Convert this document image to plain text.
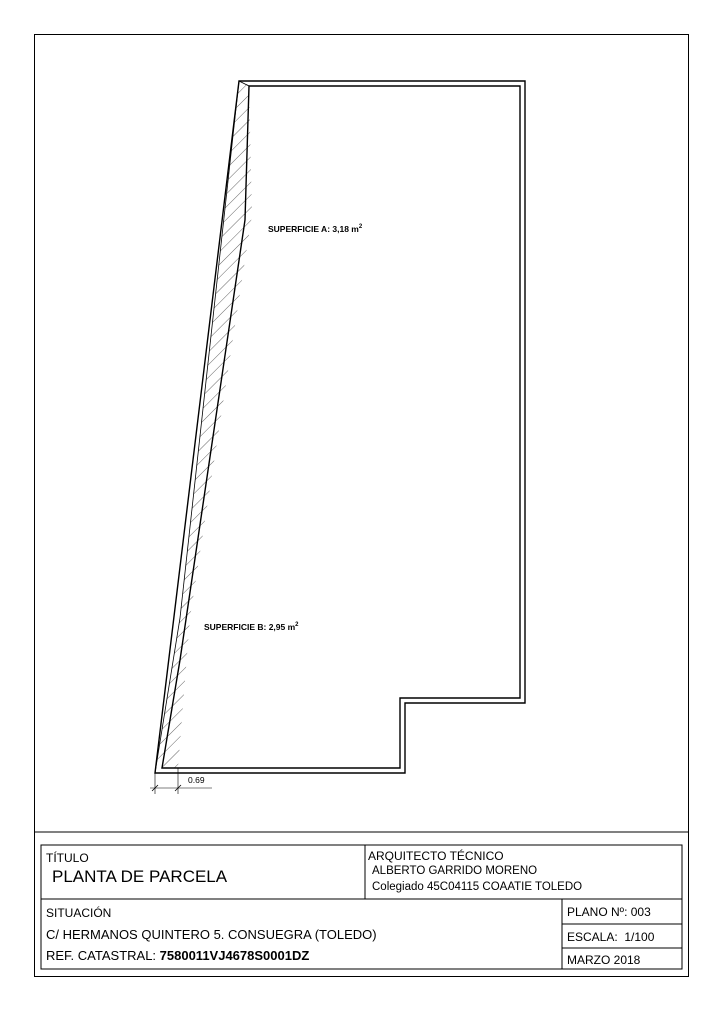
0.69
SUPERFICIE A: 3,18 $m^2$
SUPERFICIE B: 2,95 $m^2$
TÍTULO
PLANTA DE PARCELA
ARQUITECTO TÉCNICO
ALBERTO GARRIDO MORENO
Colegiado 45C04115 COAATIE TOLEDO
SITUACIÓN
C/ HERMANOS QUINTERO 5. CONSUEGRA (TOLEDO)
REF. CATASTRAL: 7580011VJ4678S0001DZ
PLANO Nº: 003
ESCALA: 1/100
MARZO 2018
